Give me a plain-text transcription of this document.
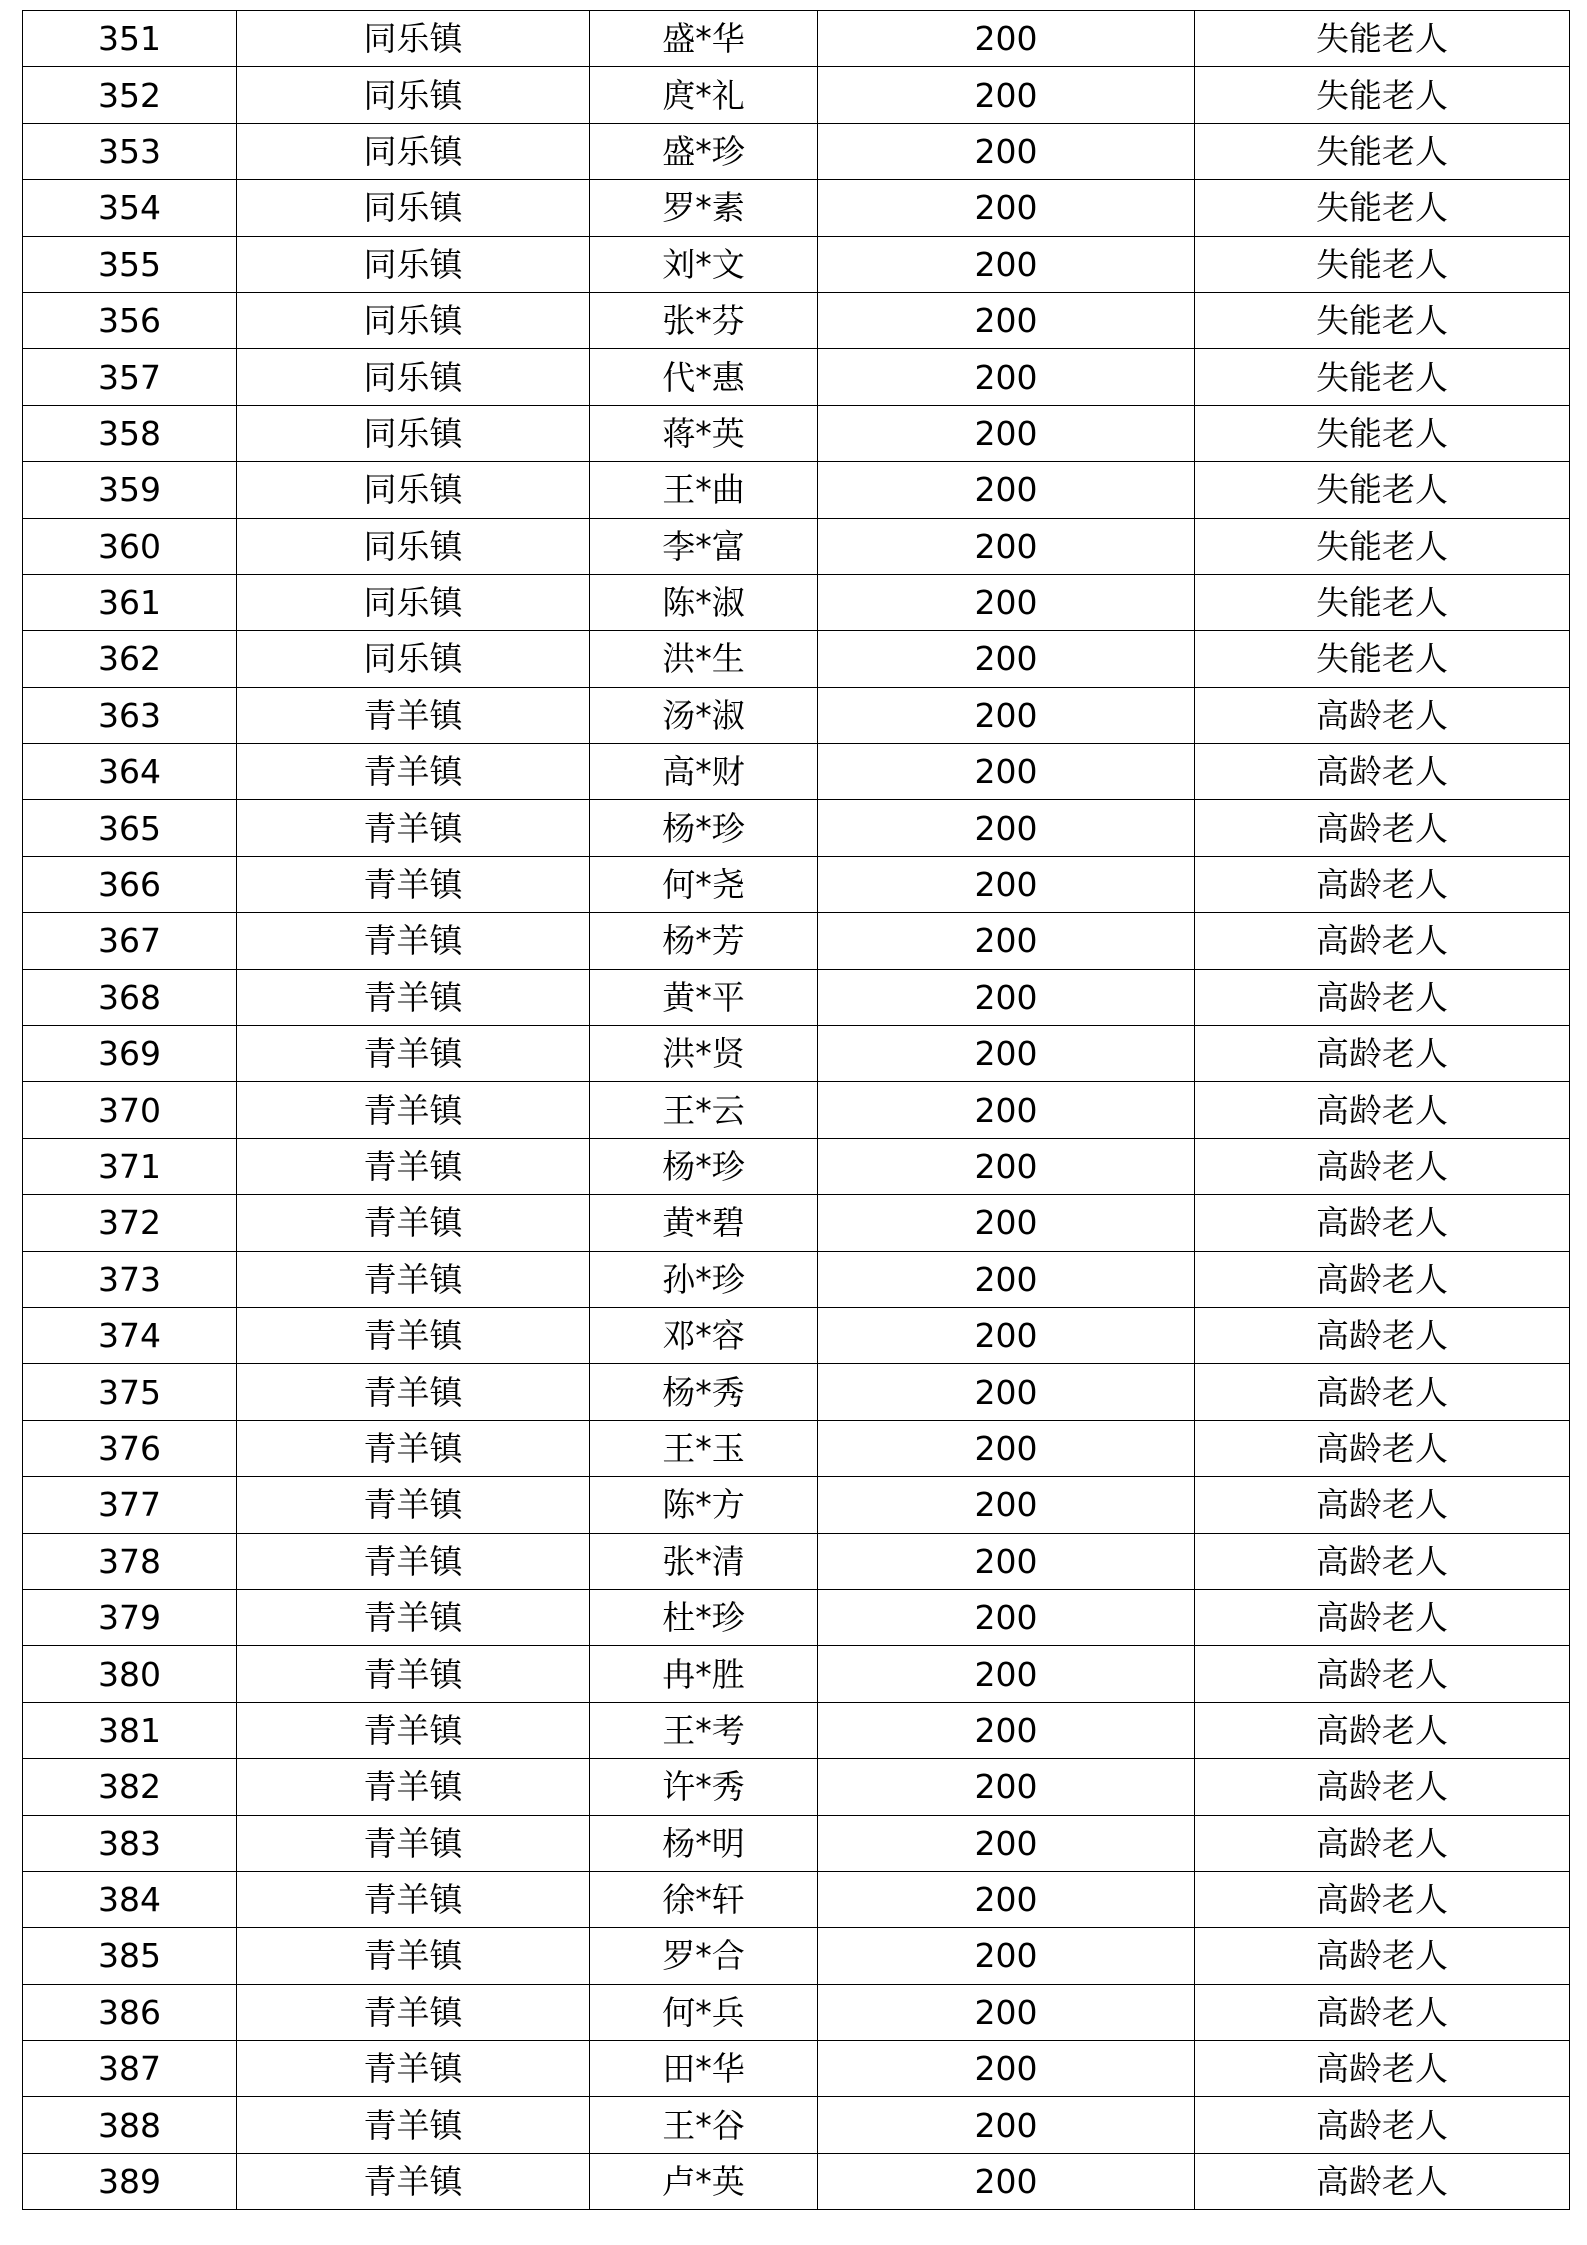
351	同乐镇	盛*华	200	失能老人
352	同乐镇	庹*礼	200	失能老人
353	同乐镇	盛*珍	200	失能老人
354	同乐镇	罗*素	200	失能老人
355	同乐镇	刘*文	200	失能老人
356	同乐镇	张*芬	200	失能老人
357	同乐镇	代*惠	200	失能老人
358	同乐镇	蒋*英	200	失能老人
359	同乐镇	王*曲	200	失能老人
360	同乐镇	李*富	200	失能老人
361	同乐镇	陈*淑	200	失能老人
362	同乐镇	洪*生	200	失能老人
363	青羊镇	汤*淑	200	高龄老人
364	青羊镇	高*财	200	高龄老人
365	青羊镇	杨*珍	200	高龄老人
366	青羊镇	何*尧	200	高龄老人
367	青羊镇	杨*芳	200	高龄老人
368	青羊镇	黄*平	200	高龄老人
369	青羊镇	洪*贤	200	高龄老人
370	青羊镇	王*云	200	高龄老人
371	青羊镇	杨*珍	200	高龄老人
372	青羊镇	黄*碧	200	高龄老人
373	青羊镇	孙*珍	200	高龄老人
374	青羊镇	邓*容	200	高龄老人
375	青羊镇	杨*秀	200	高龄老人
376	青羊镇	王*玉	200	高龄老人
377	青羊镇	陈*方	200	高龄老人
378	青羊镇	张*清	200	高龄老人
379	青羊镇	杜*珍	200	高龄老人
380	青羊镇	冉*胜	200	高龄老人
381	青羊镇	王*考	200	高龄老人
382	青羊镇	许*秀	200	高龄老人
383	青羊镇	杨*明	200	高龄老人
384	青羊镇	徐*轩	200	高龄老人
385	青羊镇	罗*合	200	高龄老人
386	青羊镇	何*兵	200	高龄老人
387	青羊镇	田*华	200	高龄老人
388	青羊镇	王*谷	200	高龄老人
389	青羊镇	卢*英	200	高龄老人
